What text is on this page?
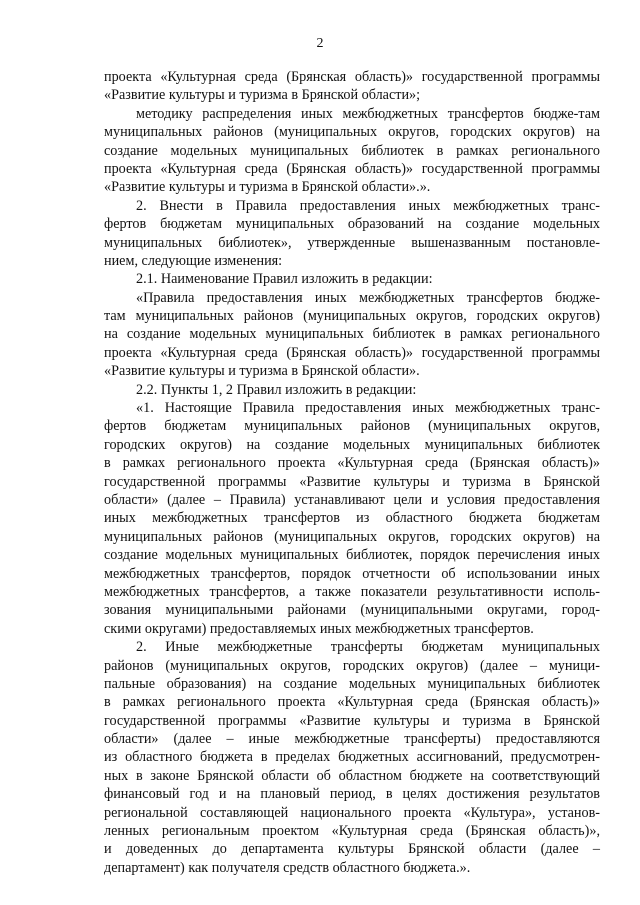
2
проекта «Культурная среда (Брянская область)» государственной программы
«Развитие культуры и туризма в Брянской области»;
методику распределения иных межбюджетных трансфертов бюдже-там
муниципальных районов (муниципальных округов, городских округов) на
создание модельных муниципальных библиотек в рамках регионального
проекта «Культурная среда (Брянская область)» государственной программы
«Развитие культуры и туризма в Брянской области».».
2. Внести в Правила предоставления иных межбюджетных транс-
фертов бюджетам муниципальных образований на создание модельных
муниципальных библиотек», утвержденные вышеназванным постановле-
нием, следующие изменения:
2.1. Наименование Правил изложить в редакции:
«Правила предоставления иных межбюджетных трансфертов бюдже-
там муниципальных районов (муниципальных округов, городских округов)
на создание модельных муниципальных библиотек в рамках регионального
проекта «Культурная среда (Брянская область)» государственной программы
«Развитие культуры и туризма в Брянской области».
2.2. Пункты 1, 2 Правил изложить в редакции:
«1. Настоящие Правила предоставления иных межбюджетных транс-
фертов бюджетам муниципальных районов (муниципальных округов,
городских округов) на создание модельных муниципальных библиотек
в рамках регионального проекта «Культурная среда (Брянская область)»
государственной программы «Развитие культуры и туризма в Брянской
области» (далее – Правила) устанавливают цели и условия предоставления
иных межбюджетных трансфертов из областного бюджета бюджетам
муниципальных районов (муниципальных округов, городских округов) на
создание модельных муниципальных библиотек, порядок перечисления иных
межбюджетных трансфертов, порядок отчетности об использовании иных
межбюджетных трансфертов, а также показатели результативности исполь-
зования муниципальными районами (муниципальными округами, город-
скими округами) предоставляемых иных межбюджетных трансфертов.
2. Иные межбюджетные трансферты бюджетам муниципальных
районов (муниципальных округов, городских округов) (далее – муници-
пальные образования) на создание модельных муниципальных библиотек
в рамках регионального проекта «Культурная среда (Брянская область)»
государственной программы «Развитие культуры и туризма в Брянской
области» (далее – иные межбюджетные трансферты) предоставляются
из областного бюджета в пределах бюджетных ассигнований, предусмотрен-
ных в законе Брянской области об областном бюджете на соответствующий
финансовый год и на плановый период, в целях достижения результатов
региональной составляющей национального проекта «Культура», установ-
ленных региональным проектом «Культурная среда (Брянская область)»,
и доведенных до департамента культуры Брянской области (далее –
департамент) как получателя средств областного бюджета.».
